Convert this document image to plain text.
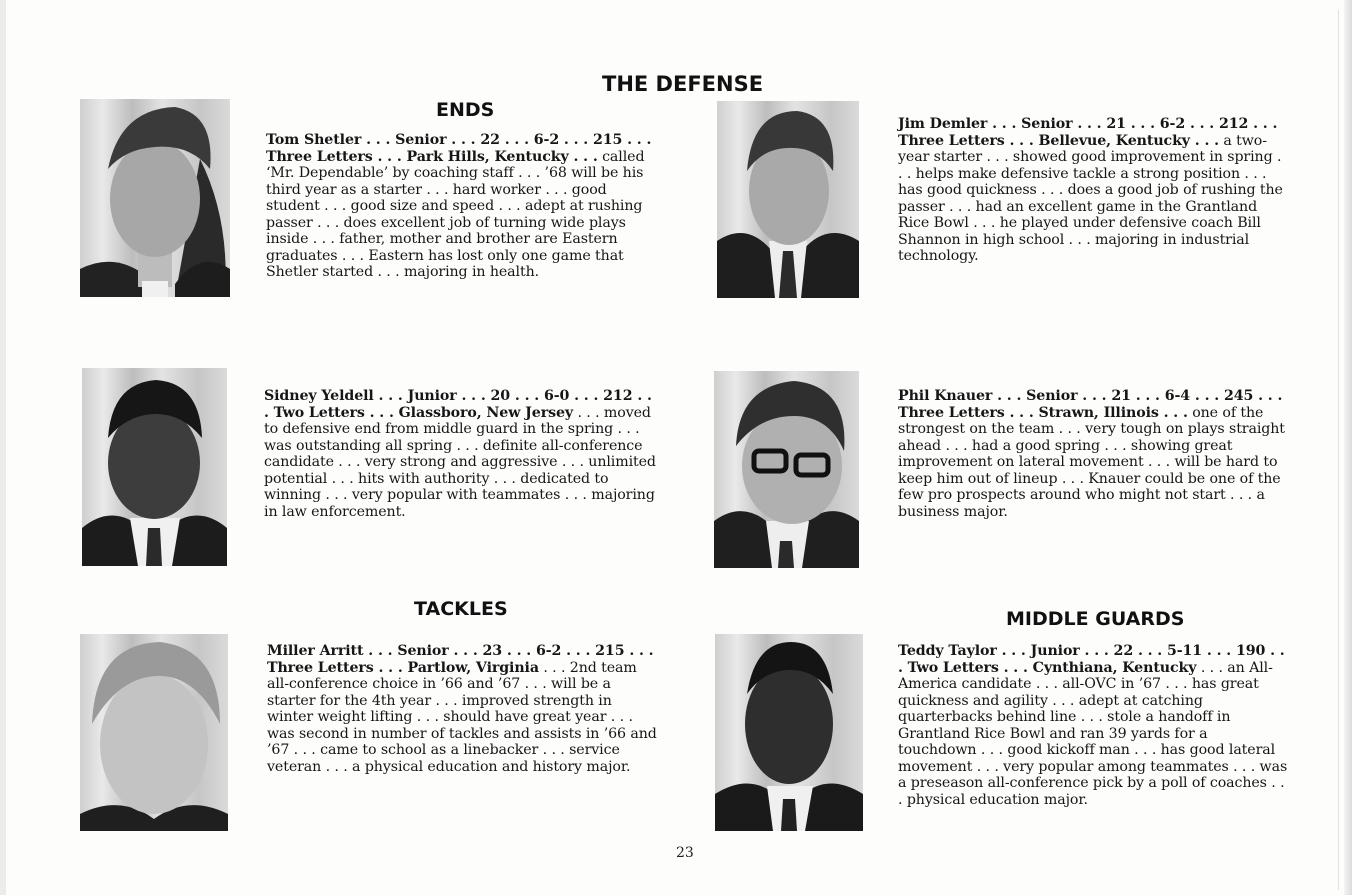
THE DEFENSE
ENDS
TACKLES	MIDDLE GUARDS

Tom Shetler . . . Senior . . . 22 . . . 6-2 . . . 215 . . . Three Letters . . . Park Hills, Kentucky . . . called ‘Mr. Dependable’ by coaching staff . . . ’68 will be his third year as a starter . . . hard worker . . . good student . . . good size and speed . . . adept at rushing passer . . . does excellent job of turning wide plays inside . . . father, mother and brother are Eastern graduates . . . Eastern has lost only one game that Shetler started . . . majoring in health.

Jim Demler . . . Senior . . . 21 . . . 6-2 . . . 212 . . . Three Letters . . . Bellevue, Kentucky . . . a two-year starter . . . showed good improvement in spring . . . helps make defensive tackle a strong position . . . has good quickness . . . does a good job of rushing the passer . . . had an excellent game in the Grantland Rice Bowl . . . he played under defensive coach Bill Shannon in high school . . . majoring in industrial technology.

Sidney Yeldell . . . Junior . . . 20 . . . 6-0 . . . 212 . . . Two Letters . . . Glassboro, New Jersey . . . moved to defensive end from middle guard in the spring . . . was outstanding all spring . . . definite all-conference candidate . . . very strong and aggressive . . . unlimited potential . . . hits with authority . . . dedicated to winning . . . very popular with teammates . . . majoring in law enforcement.

Phil Knauer . . . Senior . . . 21 . . . 6-4 . . . 245 . . . Three Letters . . . Strawn, Illinois . . . one of the strongest on the team . . . very tough on plays straight ahead . . . had a good spring . . . showing great improvement on lateral movement . . . will be hard to keep him out of lineup . . . Knauer could be one of the few pro prospects around who might not start . . . a business major.

Miller Arritt . . . Senior . . . 23 . . . 6-2 . . . 215 . . . Three Letters . . . Partlow, Virginia . . . 2nd team all-conference choice in ’66 and ’67 . . . will be a starter for the 4th year . . . improved strength in winter weight lifting . . . should have great year . . . was second in number of tackles and assists in ’66 and ’67 . . . came to school as a linebacker . . . service veteran . . . a physical education and history major.

Teddy Taylor . . . Junior . . . 22 . . . 5-11 . . . 190 . . . Two Letters . . . Cynthiana, Kentucky . . . an All-America candidate . . . all-OVC in ’67 . . . has great quickness and agility . . . adept at catching quarterbacks behind line . . . stole a handoff in Grantland Rice Bowl and ran 39 yards for a touchdown . . . good kickoff man . . . has good lateral movement . . . very popular among teammates . . . was a preseason all-conference pick by a poll of coaches . . . physical education major.

23
